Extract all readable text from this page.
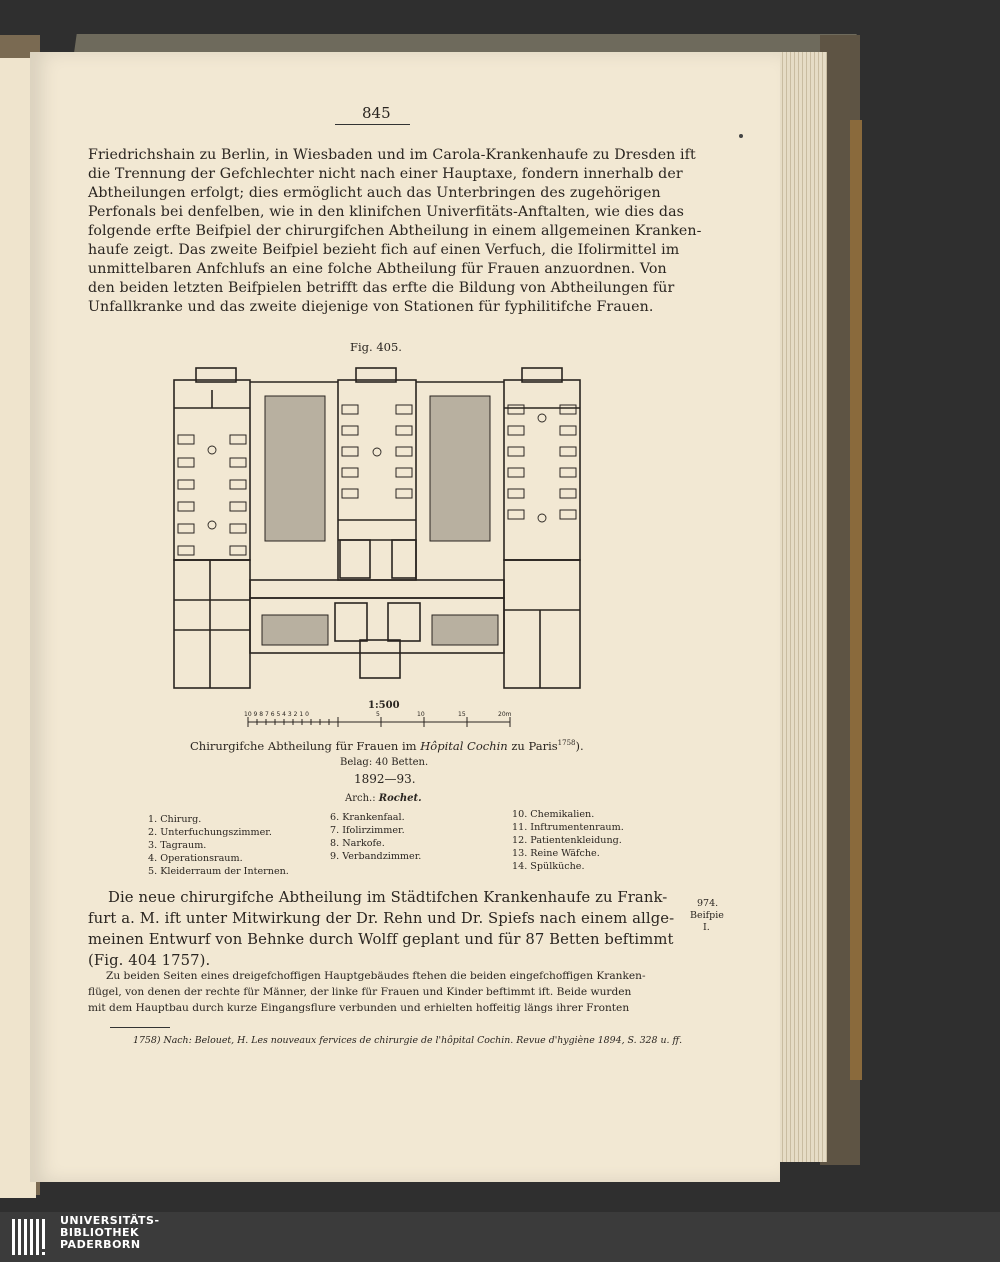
845
Friedrichshain zu Berlin, in Wiesbaden und im Carola-Krankenhaufe zu Dresden ift
die Trennung der Gefchlechter nicht nach einer Hauptaxe, fondern innerhalb der
Abtheilungen erfolgt; dies ermöglicht auch das Unterbringen des zugehörigen
Perfonals bei denfelben, wie in den klinifchen Univerfitäts-Anftalten, wie dies das
folgende erfte Beifpiel der chirurgifchen Abtheilung in einem allgemeinen Kranken-
haufe zeigt. Das zweite Beifpiel bezieht fich auf einen Verfuch, die Ifolirmittel im
unmittelbaren Anfchlufs an eine folche Abtheilung für Frauen anzuordnen. Von
den beiden letzten Beifpielen betrifft das erfte die Bildung von Abtheilungen für
Unfallkranke und das zweite diejenige von Stationen für fyphilitifche Frauen.
Fig. 405.
1:500
10 9 8 7 6 5 4 3 2 1 0	5	10	15	20m
Chirurgifche Abtheilung für Frauen im Hôpital Cochin zu Paris$^{1758}$).
Belag: 40 Betten.
1892—93.
Arch.: Rochet.
1. Chirurg.
2. Unterfuchungszimmer.
3. Tagraum.
4. Operationsraum.
5. Kleiderraum der Internen.
6. Krankenfaal.
7. Ifolirzimmer.
8. Narkofe.
9. Verbandzimmer.
10. Chemikalien.
11. Inftrumentenraum.
12. Patientenkleidung.
13. Reine Wäfche.
14. Spülküche.
Die neue chirurgifche Abtheilung im Städtifchen Krankenhaufe zu Frank-
furt a. M. ift unter Mitwirkung der Dr. Rehn und Dr. Spiefs nach einem allge-
meinen Entwurf von Behnke durch Wolff geplant und für 87 Betten beftimmt
(Fig. 404 1757).
974.
Beifpie
I.
Zu beiden Seiten eines dreigefchoffigen Hauptgebäudes ftehen die beiden eingefchoffigen Kranken-
flügel, von denen der rechte für Männer, der linke für Frauen und Kinder beftimmt ift. Beide wurden
mit dem Hauptbau durch kurze Eingangsflure verbunden und erhielten hoffeitig längs ihrer Fronten
1758) Nach: Belouet, H. Les nouveaux fervices de chirurgie de l'hôpital Cochin. Revue d'hygiène 1894, S. 328 u. ff.
UNIVERSITÄTS-
BIBLIOTHEK
PADERBORN
